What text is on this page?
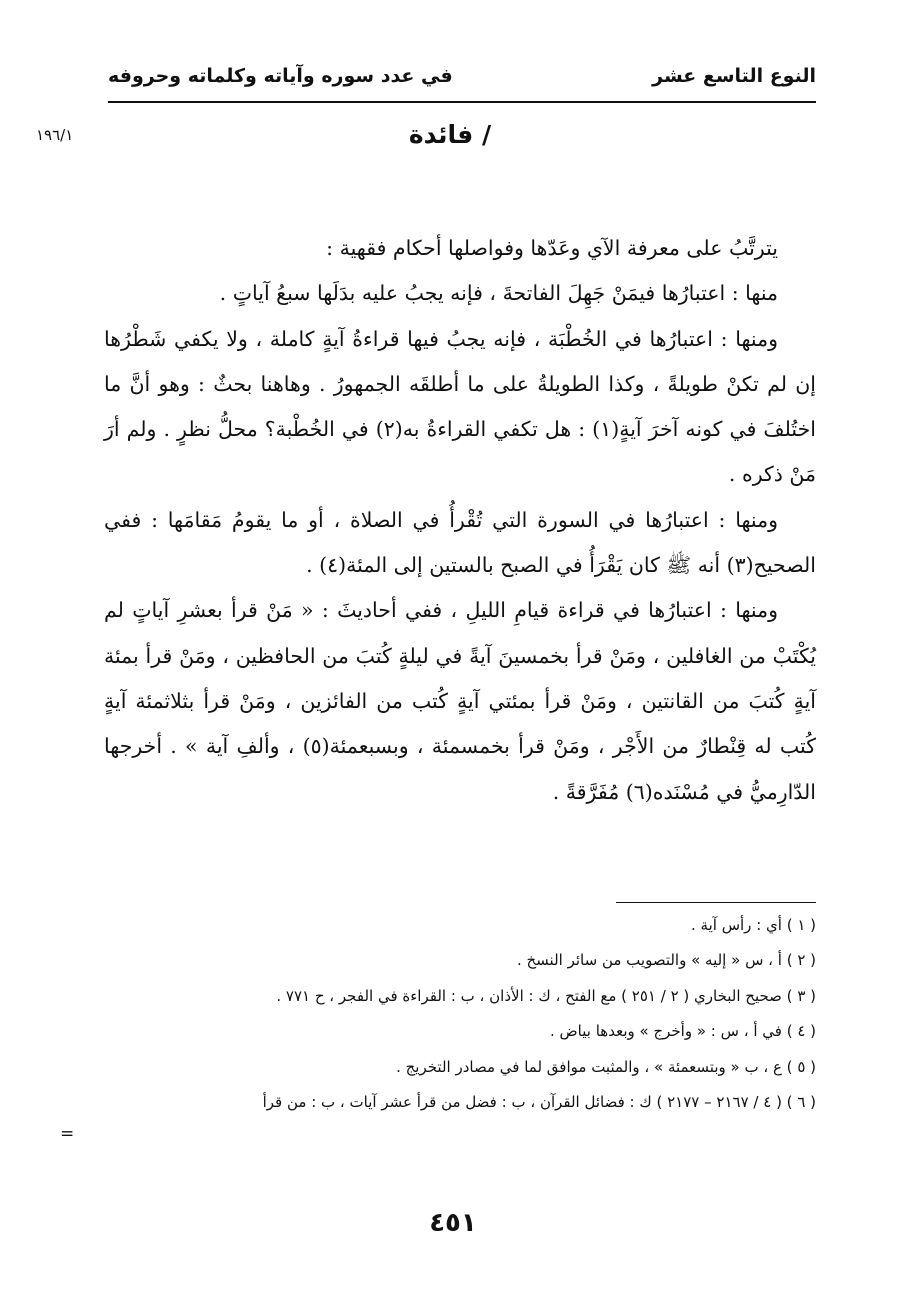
النوع التاسع عشر
في عدد سوره وآياته وكلماته وحروفه
١٩٦/١	/ فائدة

يترتَّبُ على معرفة الآي وعَدّها وفواصلها أحكام فقهية :

منها : اعتبارُها فيمَنْ جَهِلَ الفاتحةَ ، فإنه يجبُ عليه بدَلَها سبعُ آياتٍ .

ومنها : اعتبارُها في الخُطْبَة ، فإنه يجبُ فيها قراءةُ آيةٍ كاملة ، ولا يكفي شَطْرُها إن لم تكنْ طويلةً ، وكذا الطويلةُ على ما أطلقَه الجمهورُ . وهاهنا بحثٌ : وهو أنَّ ما اختُلفَ في كونه آخرَ آيةٍ(١) : هل تكفي القراءةُ به(٢) في الخُطْبة؟ محلُّ نظرٍ . ولم أرَ مَنْ ذكره .

ومنها : اعتبارُها في السورة التي تُقْرأُ في الصلاة ، أو ما يقومُ مَقامَها : ففي الصحيح(٣) أنه ﷺ كان يَقْرَأُ في الصبح بالستين إلى المئة(٤) .

ومنها : اعتبارُها في قراءة قيامِ الليلِ ، ففي أحاديثَ : « مَنْ قرأ بعشرِ آياتٍ لم يُكْتَبْ من الغافلين ، ومَنْ قرأ بخمسينَ آيةً في ليلةٍ كُتبَ من الحافظين ، ومَنْ قرأ بمئة آيةٍ كُتبَ من القانتين ، ومَنْ قرأ بمئتي آيةٍ كُتب من الفائزين ، ومَنْ قرأ بثلاثمئة آيةٍ كُتب له قِنْطارٌ من الأَجْر ، ومَنْ قرأ بخمسمئة ، وبسبعمئة(٥) ، وألفِ آية » . أخرجها الدّارِميُّ في مُسْنَده(٦) مُفَرَّقةً .

( ١ ) أي : رأس آية .
( ٢ ) أ ، س « إليه » والتصويب من سائر النسخ .
( ٣ ) صحيح البخاري ( ٢ / ٢٥١ ) مع الفتح ، ك : الأذان ، ب : القراءة في الفجر ، ح ٧٧١ .
( ٤ ) في أ ، س : « وأخرج » وبعدها بياض .
( ٥ ) ع ، ب « وبتسعمئة » ، والمثبت موافق لما في مصادر التخريج .
( ٦ ) ( ٤ / ٢١٦٧ – ٢١٧٧ ) ك : فضائل القرآن ، ب : فضل من قرأ عشر آيات ، ب : من قرأ
=
٤٥١
